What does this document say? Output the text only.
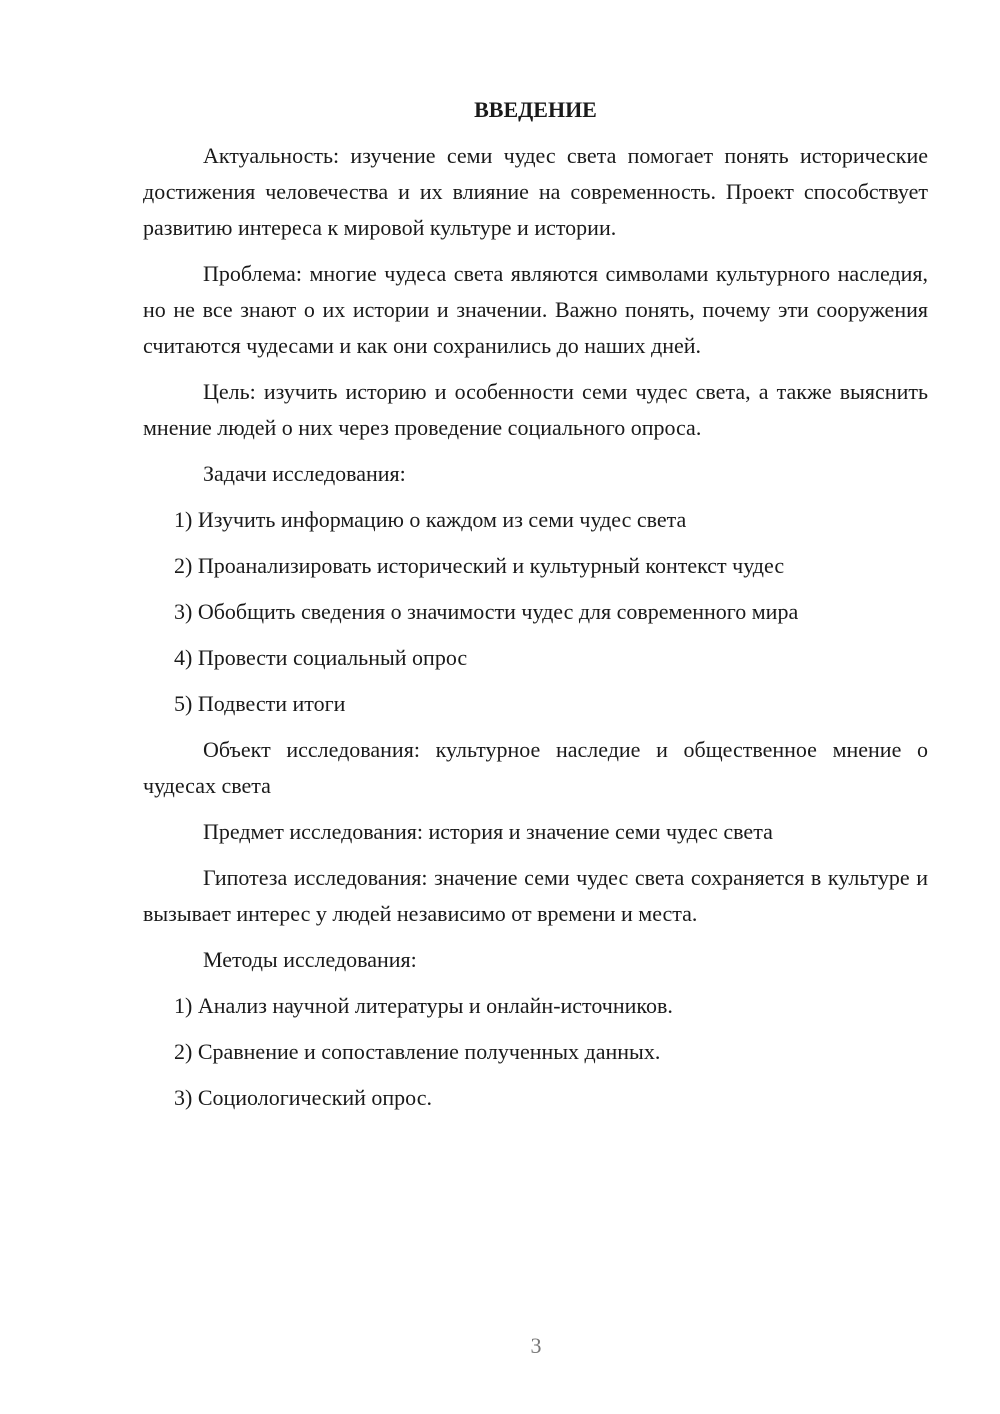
ВВЕДЕНИЕ

Актуальность: изучение семи чудес света помогает понять исторические достижения человечества и их влияние на современность. Проект способствует развитию интереса к мировой культуре и истории.

Проблема: многие чудеса света являются символами культурного наследия, но не все знают о их истории и значении. Важно понять, почему эти сооружения считаются чудесами и как они сохранились до наших дней.

Цель: изучить историю и особенности семи чудес света, а также выяснить мнение людей о них через проведение социального опроса.

Задачи исследования:

1) Изучить информацию о каждом из семи чудес света
2) Проанализировать исторический и культурный контекст чудес
3) Обобщить сведения о значимости чудес для современного мира
4) Провести социальный опрос
5) Подвести итоги

Объект исследования: культурное наследие и общественное мнение о чудесах света

Предмет исследования: история и значение семи чудес света

Гипотеза исследования: значение семи чудес света сохраняется в культуре и вызывает интерес у людей независимо от времени и места.

Методы исследования:

1) Анализ научной литературы и онлайн-источников.
2) Сравнение и сопоставление полученных данных.
3) Социологический опрос.
3
